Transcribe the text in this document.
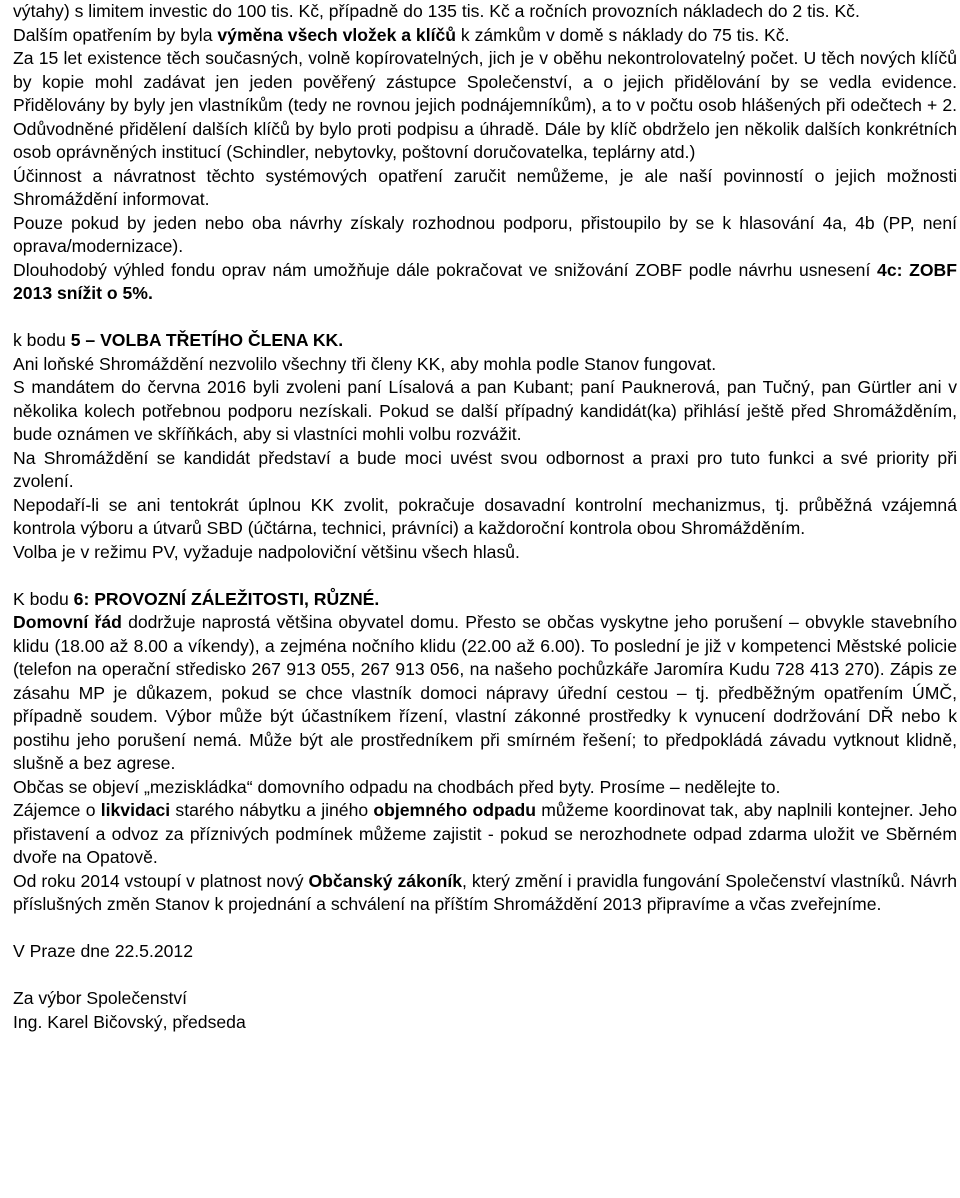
výtahy) s limitem investic do 100 tis. Kč, případně do 135 tis. Kč a ročních provozních nákladech do 2 tis. Kč.

Dalším opatřením by byla výměna všech vložek a klíčů k zámkům v domě s náklady do 75 tis. Kč.

Za 15 let existence těch současných, volně kopírovatelných, jich je v oběhu nekontrolovatelný počet. U těch nových klíčů by kopie mohl zadávat jen jeden pověřený zástupce Společenství, a o jejich přidělování by se vedla evidence. Přidělovány by byly jen vlastníkům (tedy ne rovnou jejich podnájemníkům), a to v počtu osob hlášených při odečtech + 2. Odůvodněné přidělení dalších klíčů by bylo proti podpisu a úhradě. Dále by klíč obdrželo jen několik dalších konkrétních osob oprávněných institucí (Schindler, nebytovky, poštovní doručovatelka, teplárny atd.)

Účinnost a návratnost těchto systémových opatření zaručit nemůžeme, je ale naší povinností o jejich možnosti Shromáždění informovat.

Pouze pokud by jeden nebo oba návrhy získaly rozhodnou podporu, přistoupilo by se k hlasování 4a, 4b (PP, není oprava/modernizace).

Dlouhodobý výhled fondu oprav nám umožňuje dále pokračovat ve snižování ZOBF podle návrhu usnesení 4c: ZOBF 2013 snížit o 5%.

k bodu 5 – VOLBA TŘETÍHO ČLENA KK.

Ani loňské Shromáždění nezvolilo všechny tři členy KK, aby mohla podle Stanov fungovat.

S mandátem do června 2016 byli zvoleni paní Lísalová a pan Kubant; paní Pauknerová, pan Tučný, pan Gürtler ani v několika kolech potřebnou podporu nezískali. Pokud se další případný kandidát(ka) přihlásí ještě před Shromážděním, bude oznámen ve skříňkách, aby si vlastníci mohli volbu rozvážit.

Na Shromáždění se kandidát představí a bude moci uvést svou odbornost a praxi pro tuto funkci a své priority při zvolení.

Nepodaří-li se ani tentokrát úplnou KK zvolit, pokračuje dosavadní kontrolní mechanizmus, tj. průběžná vzájemná kontrola výboru a útvarů SBD (účtárna, technici, právníci) a každoroční kontrola obou Shromážděním.

Volba je v režimu PV, vyžaduje nadpoloviční většinu všech hlasů.

K bodu 6: PROVOZNÍ ZÁLEŽITOSTI, RŮZNÉ.

Domovní řád dodržuje naprostá většina obyvatel domu. Přesto se občas vyskytne jeho porušení – obvykle stavebního klidu (18.00 až 8.00 a víkendy), a zejména nočního klidu (22.00 až 6.00). To poslední je již v kompetenci Městské policie (telefon na operační středisko 267 913 055, 267 913 056, na našeho pochůzkáře Jaromíra Kudu 728 413 270). Zápis ze zásahu MP je důkazem, pokud se chce vlastník domoci nápravy úřední cestou – tj. předběžným opatřením ÚMČ, případně soudem. Výbor může být účastníkem řízení, vlastní zákonné prostředky k vynucení dodržování DŘ nebo k postihu jeho porušení nemá. Může být ale prostředníkem při smírném řešení; to předpokládá závadu vytknout klidně, slušně a bez agrese.

Občas se objeví „meziskládka“ domovního odpadu na chodbách před byty. Prosíme – nedělejte to.

Zájemce o likvidaci starého nábytku a jiného objemného odpadu můžeme koordinovat tak, aby naplnili kontejner. Jeho přistavení a odvoz za příznivých podmínek můžeme zajistit - pokud se nerozhodnete odpad zdarma uložit ve Sběrném dvoře na Opatově.

Od roku 2014 vstoupí v platnost nový Občanský zákoník, který změní i pravidla fungování Společenství vlastníků. Návrh příslušných změn Stanov k projednání a schválení na příštím Shromáždění 2013 připravíme a včas zveřejníme.

V Praze dne 22.5.2012

Za výbor Společenství

Ing. Karel Bičovský, předseda
